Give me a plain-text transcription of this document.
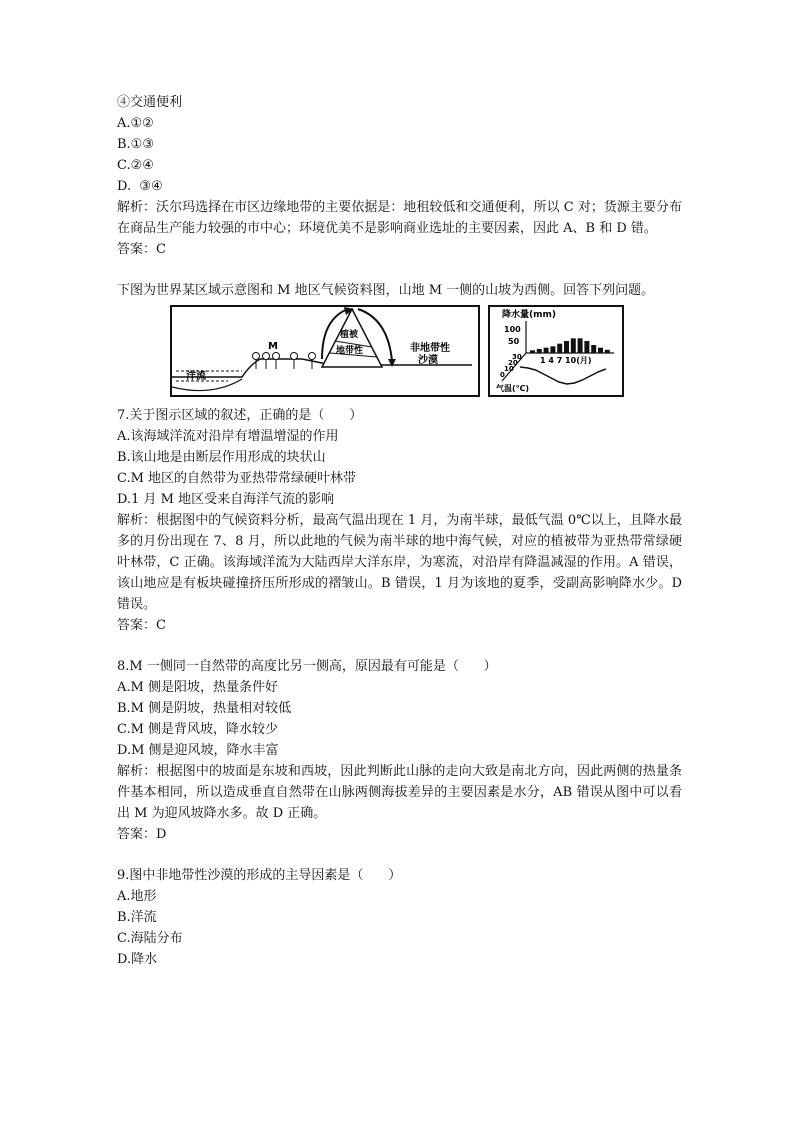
④交通便利

A.①②

B.①③

C.②④

D.  ③④

解析：沃尔玛选择在市区边缘地带的主要依据是：地租较低和交通便利，所以 C 对；货源主要分布在商品生产能力较强的市中心；环境优美不是影响商业选址的主要因素，因此 A、B 和 D 错。

答案：C

下图为世界某区域示意图和 M 地区气候资料图，山地 M 一侧的山坡为西侧。回答下列问题。

洋流
M
植被
地带性	非地带性
沙漠
降水量(mm)
100
50
1 4 7 10(月)
30
20
10
0
气温(℃)

7.关于图示区域的叙述，正确的是（      ）

A.该海域洋流对沿岸有增温增湿的作用

B.该山地是由断层作用形成的块状山

C.M 地区的自然带为亚热带常绿硬叶林带

D.1 月 M 地区受来自海洋气流的影响

解析：根据图中的气候资料分析，最高气温出现在 1 月，为南半球，最低气温 0℃以上，且降水最多的月份出现在 7、8 月，所以此地的气候为南半球的地中海气候，对应的植被带为亚热带常绿硬叶林带，C 正确。该海域洋流为大陆西岸大洋东岸，为寒流，对沿岸有降温减湿的作用。A 错误，该山地应是有板块碰撞挤压所形成的褶皱山。B 错误，1 月为该地的夏季，受副高影响降水少。D 错误。

答案：C

8.M 一侧同一自然带的高度比另一侧高，原因最有可能是（      ）

A.M 侧是阳坡，热量条件好

B.M 侧是阴坡，热量相对较低

C.M 侧是背风坡，降水较少

D.M 侧是迎风坡，降水丰富

解析：根据图中的坡面是东坡和西坡，因此判断此山脉的走向大致是南北方向，因此两侧的热量条件基本相同，所以造成垂直自然带在山脉两侧海拔差异的主要因素是水分，AB 错误从图中可以看出 M 为迎风坡降水多。故 D 正确。

答案：D

9.图中非地带性沙漠的形成的主导因素是（      ）

A.地形

B.洋流

C.海陆分布

D.降水
